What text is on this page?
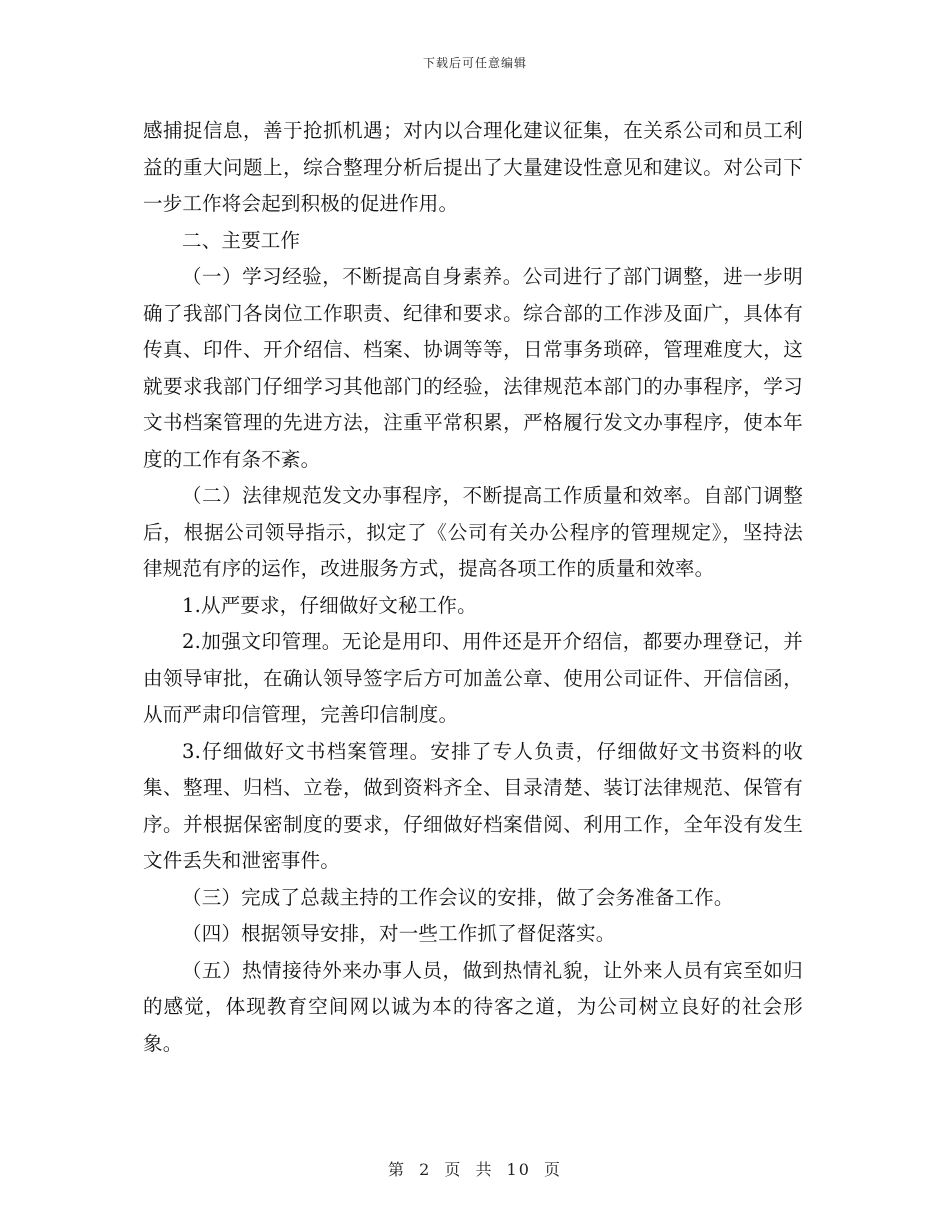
下载后可任意编辑

感捕捉信息，善于抢抓机遇；对内以合理化建议征集，在关系公司和员工利益的重大问题上，综合整理分析后提出了大量建设性意见和建议。对公司下一步工作将会起到积极的促进作用。

二、主要工作

（一）学习经验，不断提高自身素养。公司进行了部门调整，进一步明确了我部门各岗位工作职责、纪律和要求。综合部的工作涉及面广，具体有传真、印件、开介绍信、档案、协调等等，日常事务琐碎，管理难度大，这就要求我部门仔细学习其他部门的经验，法律规范本部门的办事程序，学习文书档案管理的先进方法，注重平常积累，严格履行发文办事程序，使本年度的工作有条不紊。

（二）法律规范发文办事程序，不断提高工作质量和效率。自部门调整后，根据公司领导指示，拟定了《公司有关办公程序的管理规定》，坚持法律规范有序的运作，改进服务方式，提高各项工作的质量和效率。

1.从严要求，仔细做好文秘工作。

2.加强文印管理。无论是用印、用件还是开介绍信，都要办理登记，并由领导审批，在确认领导签字后方可加盖公章、使用公司证件、开信信函，从而严肃印信管理，完善印信制度。

3.仔细做好文书档案管理。安排了专人负责，仔细做好文书资料的收集、整理、归档、立卷，做到资料齐全、目录清楚、装订法律规范、保管有序。并根据保密制度的要求，仔细做好档案借阅、利用工作，全年没有发生文件丢失和泄密事件。

（三）完成了总裁主持的工作会议的安排，做了会务准备工作。

（四）根据领导安排，对一些工作抓了督促落实。

（五）热情接待外来办事人员，做到热情礼貌，让外来人员有宾至如归的感觉，体现教育空间网以诚为本的待客之道，为公司树立良好的社会形象。

第 2 页 共 10 页
